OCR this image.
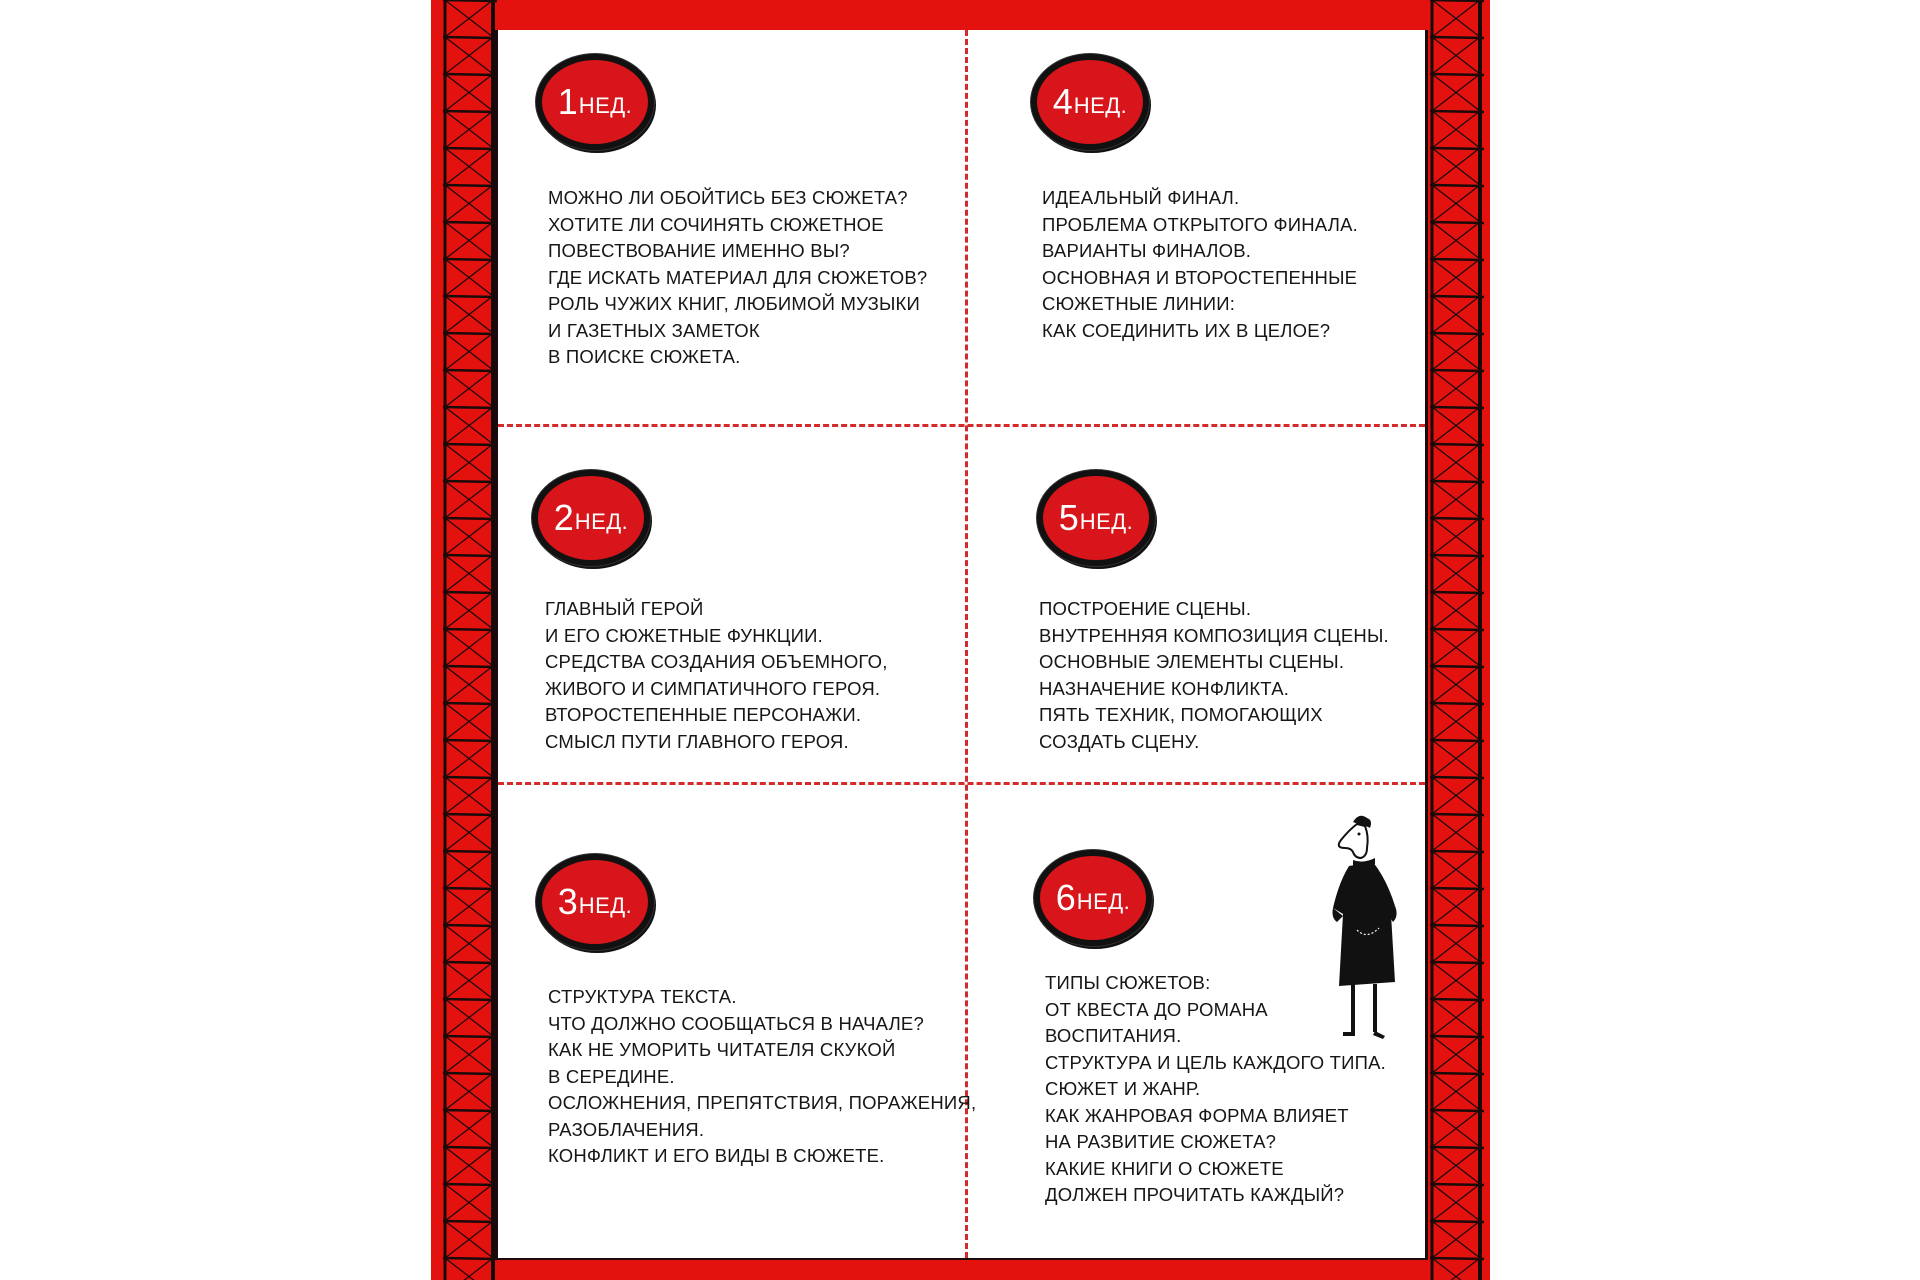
1 НЕД.
МОЖНО ЛИ ОБОЙТИСЬ БЕЗ СЮЖЕТА?
ХОТИТЕ ЛИ СОЧИНЯТЬ СЮЖЕТНОЕ
ПОВЕСТВОВАНИЕ ИМЕННО ВЫ?
ГДЕ ИСКАТЬ МАТЕРИАЛ ДЛЯ СЮЖЕТОВ?
РОЛЬ ЧУЖИХ КНИГ, ЛЮБИМОЙ МУЗЫКИ
И ГАЗЕТНЫХ ЗАМЕТОК
В ПОИСКЕ СЮЖЕТА.
2 НЕД.
ГЛАВНЫЙ ГЕРОЙ
И ЕГО СЮЖЕТНЫЕ ФУНКЦИИ.
СРЕДСТВА СОЗДАНИЯ ОБЪЕМНОГО,
ЖИВОГО И СИМПАТИЧНОГО ГЕРОЯ.
ВТОРОСТЕПЕННЫЕ ПЕРСОНАЖИ.
СМЫСЛ ПУТИ ГЛАВНОГО ГЕРОЯ.
3 НЕД.
СТРУКТУРА ТЕКСТА.
ЧТО ДОЛЖНО СООБЩАТЬСЯ В НАЧАЛЕ?
КАК НЕ УМОРИТЬ ЧИТАТЕЛЯ СКУКОЙ
В СЕРЕДИНЕ.
ОСЛОЖНЕНИЯ, ПРЕПЯТСТВИЯ, ПОРАЖЕНИЯ,
РАЗОБЛАЧЕНИЯ.
КОНФЛИКТ И ЕГО ВИДЫ В СЮЖЕТЕ.
4 НЕД.
ИДЕАЛЬНЫЙ ФИНАЛ.
ПРОБЛЕМА ОТКРЫТОГО ФИНАЛА.
ВАРИАНТЫ ФИНАЛОВ.
ОСНОВНАЯ И ВТОРОСТЕПЕННЫЕ
СЮЖЕТНЫЕ ЛИНИИ:
КАК СОЕДИНИТЬ ИХ В ЦЕЛОЕ?
5 НЕД.
ПОСТРОЕНИЕ СЦЕНЫ.
ВНУТРЕННЯЯ КОМПОЗИЦИЯ СЦЕНЫ.
ОСНОВНЫЕ ЭЛЕМЕНТЫ СЦЕНЫ.
НАЗНАЧЕНИЕ КОНФЛИКТА.
ПЯТЬ ТЕХНИК, ПОМОГАЮЩИХ
СОЗДАТЬ СЦЕНУ.
6 НЕД.
ТИПЫ СЮЖЕТОВ:
ОТ КВЕСТА ДО РОМАНА
ВОСПИТАНИЯ.
СТРУКТУРА И ЦЕЛЬ КАЖДОГО ТИПА.
СЮЖЕТ И ЖАНР.
КАК ЖАНРОВАЯ ФОРМА ВЛИЯЕТ
НА РАЗВИТИЕ СЮЖЕТА?
КАКИЕ КНИГИ О СЮЖЕТЕ
ДОЛЖЕН ПРОЧИТАТЬ КАЖДЫЙ?
